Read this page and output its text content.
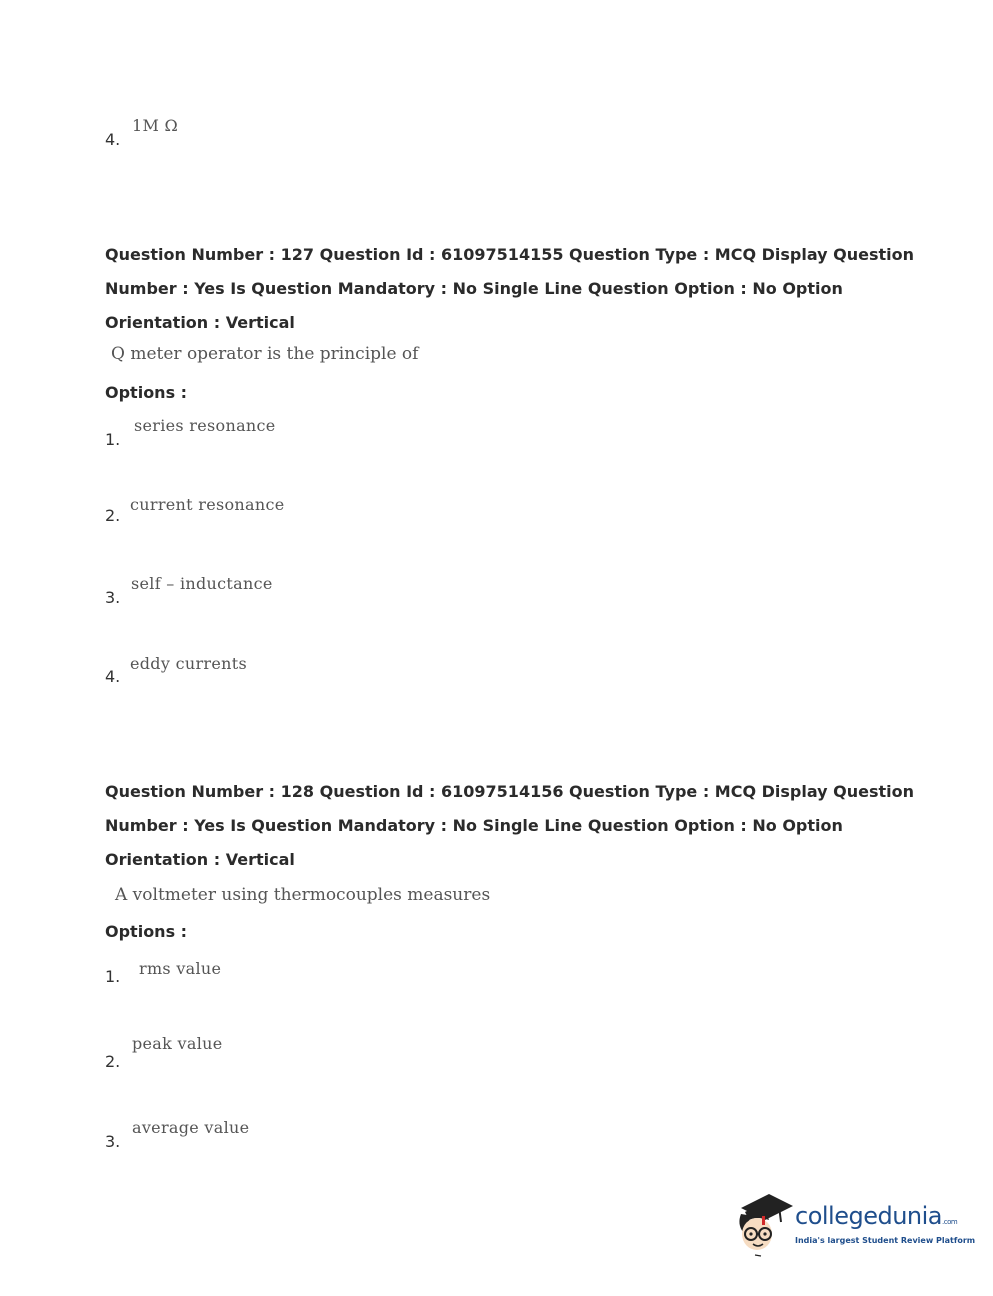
1M Ω
4.
Question Number : 127 Question Id : 61097514155 Question Type : MCQ Display Question
Number : Yes Is Question Mandatory : No Single Line Question Option : No Option
Orientation : Vertical
Q meter operator is the principle of
Options :
series resonance
1.
current resonance
2.
self – inductance
3.
eddy currents
4.
Question Number : 128 Question Id : 61097514156 Question Type : MCQ Display Question
Number : Yes Is Question Mandatory : No Single Line Question Option : No Option
Orientation : Vertical
A voltmeter using thermocouples measures
Options :
rms value
1.
peak value
2.
average value
3.
collegedunia.com
India's largest Student Review Platform
